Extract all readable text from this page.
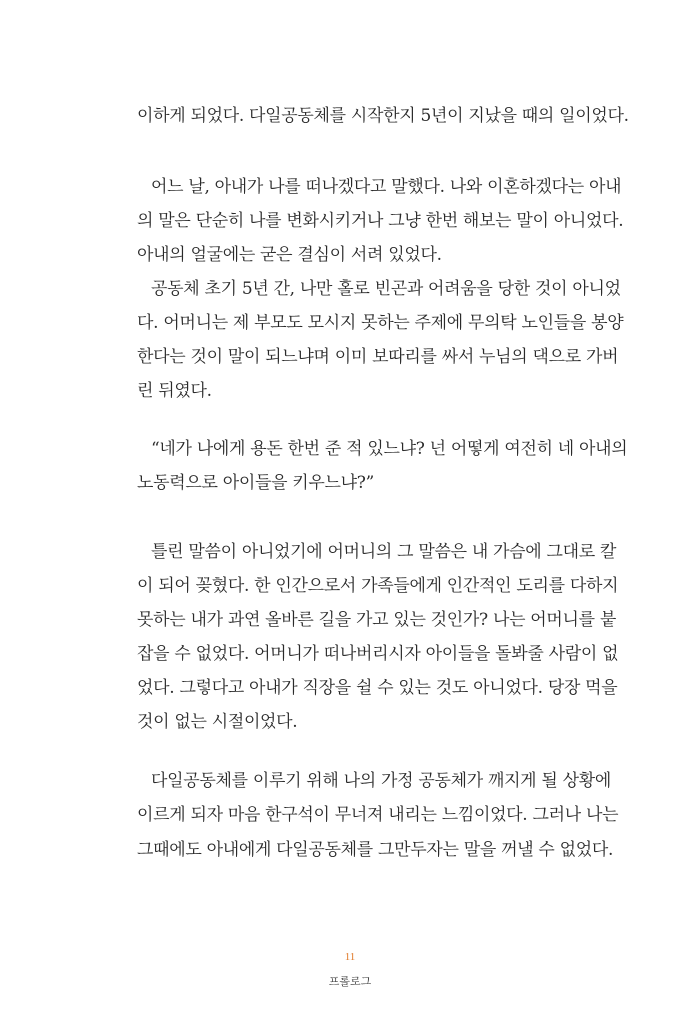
이하게 되었다. 다일공동체를 시작한지 5년이 지났을 때의 일이었다.
어느 날, 아내가 나를 떠나겠다고 말했다. 나와 이혼하겠다는 아내
의 말은 단순히 나를 변화시키거나 그냥 한번 해보는 말이 아니었다.
아내의 얼굴에는 굳은 결심이 서려 있었다.
공동체 초기 5년 간, 나만 홀로 빈곤과 어려움을 당한 것이 아니었
다. 어머니는 제 부모도 모시지 못하는 주제에 무의탁 노인들을 봉양
한다는 것이 말이 되느냐며 이미 보따리를 싸서 누님의 댁으로 가버
린 뒤였다.
“네가 나에게 용돈 한번 준 적 있느냐? 넌 어떻게 여전히 네 아내의
노동력으로 아이들을 키우느냐?”
틀린 말씀이 아니었기에 어머니의 그 말씀은 내 가슴에 그대로 칼
이 되어 꽂혔다. 한 인간으로서 가족들에게 인간적인 도리를 다하지
못하는 내가 과연 올바른 길을 가고 있는 것인가? 나는 어머니를 붙
잡을 수 없었다. 어머니가 떠나버리시자 아이들을 돌봐줄 사람이 없
었다. 그렇다고 아내가 직장을 쉴 수 있는 것도 아니었다. 당장 먹을
것이 없는 시절이었다.
다일공동체를 이루기 위해 나의 가정 공동체가 깨지게 될 상황에
이르게 되자 마음 한구석이 무너져 내리는 느낌이었다. 그러나 나는
그때에도 아내에게 다일공동체를 그만두자는 말을 꺼낼 수 없었다.
11
프롤로그
